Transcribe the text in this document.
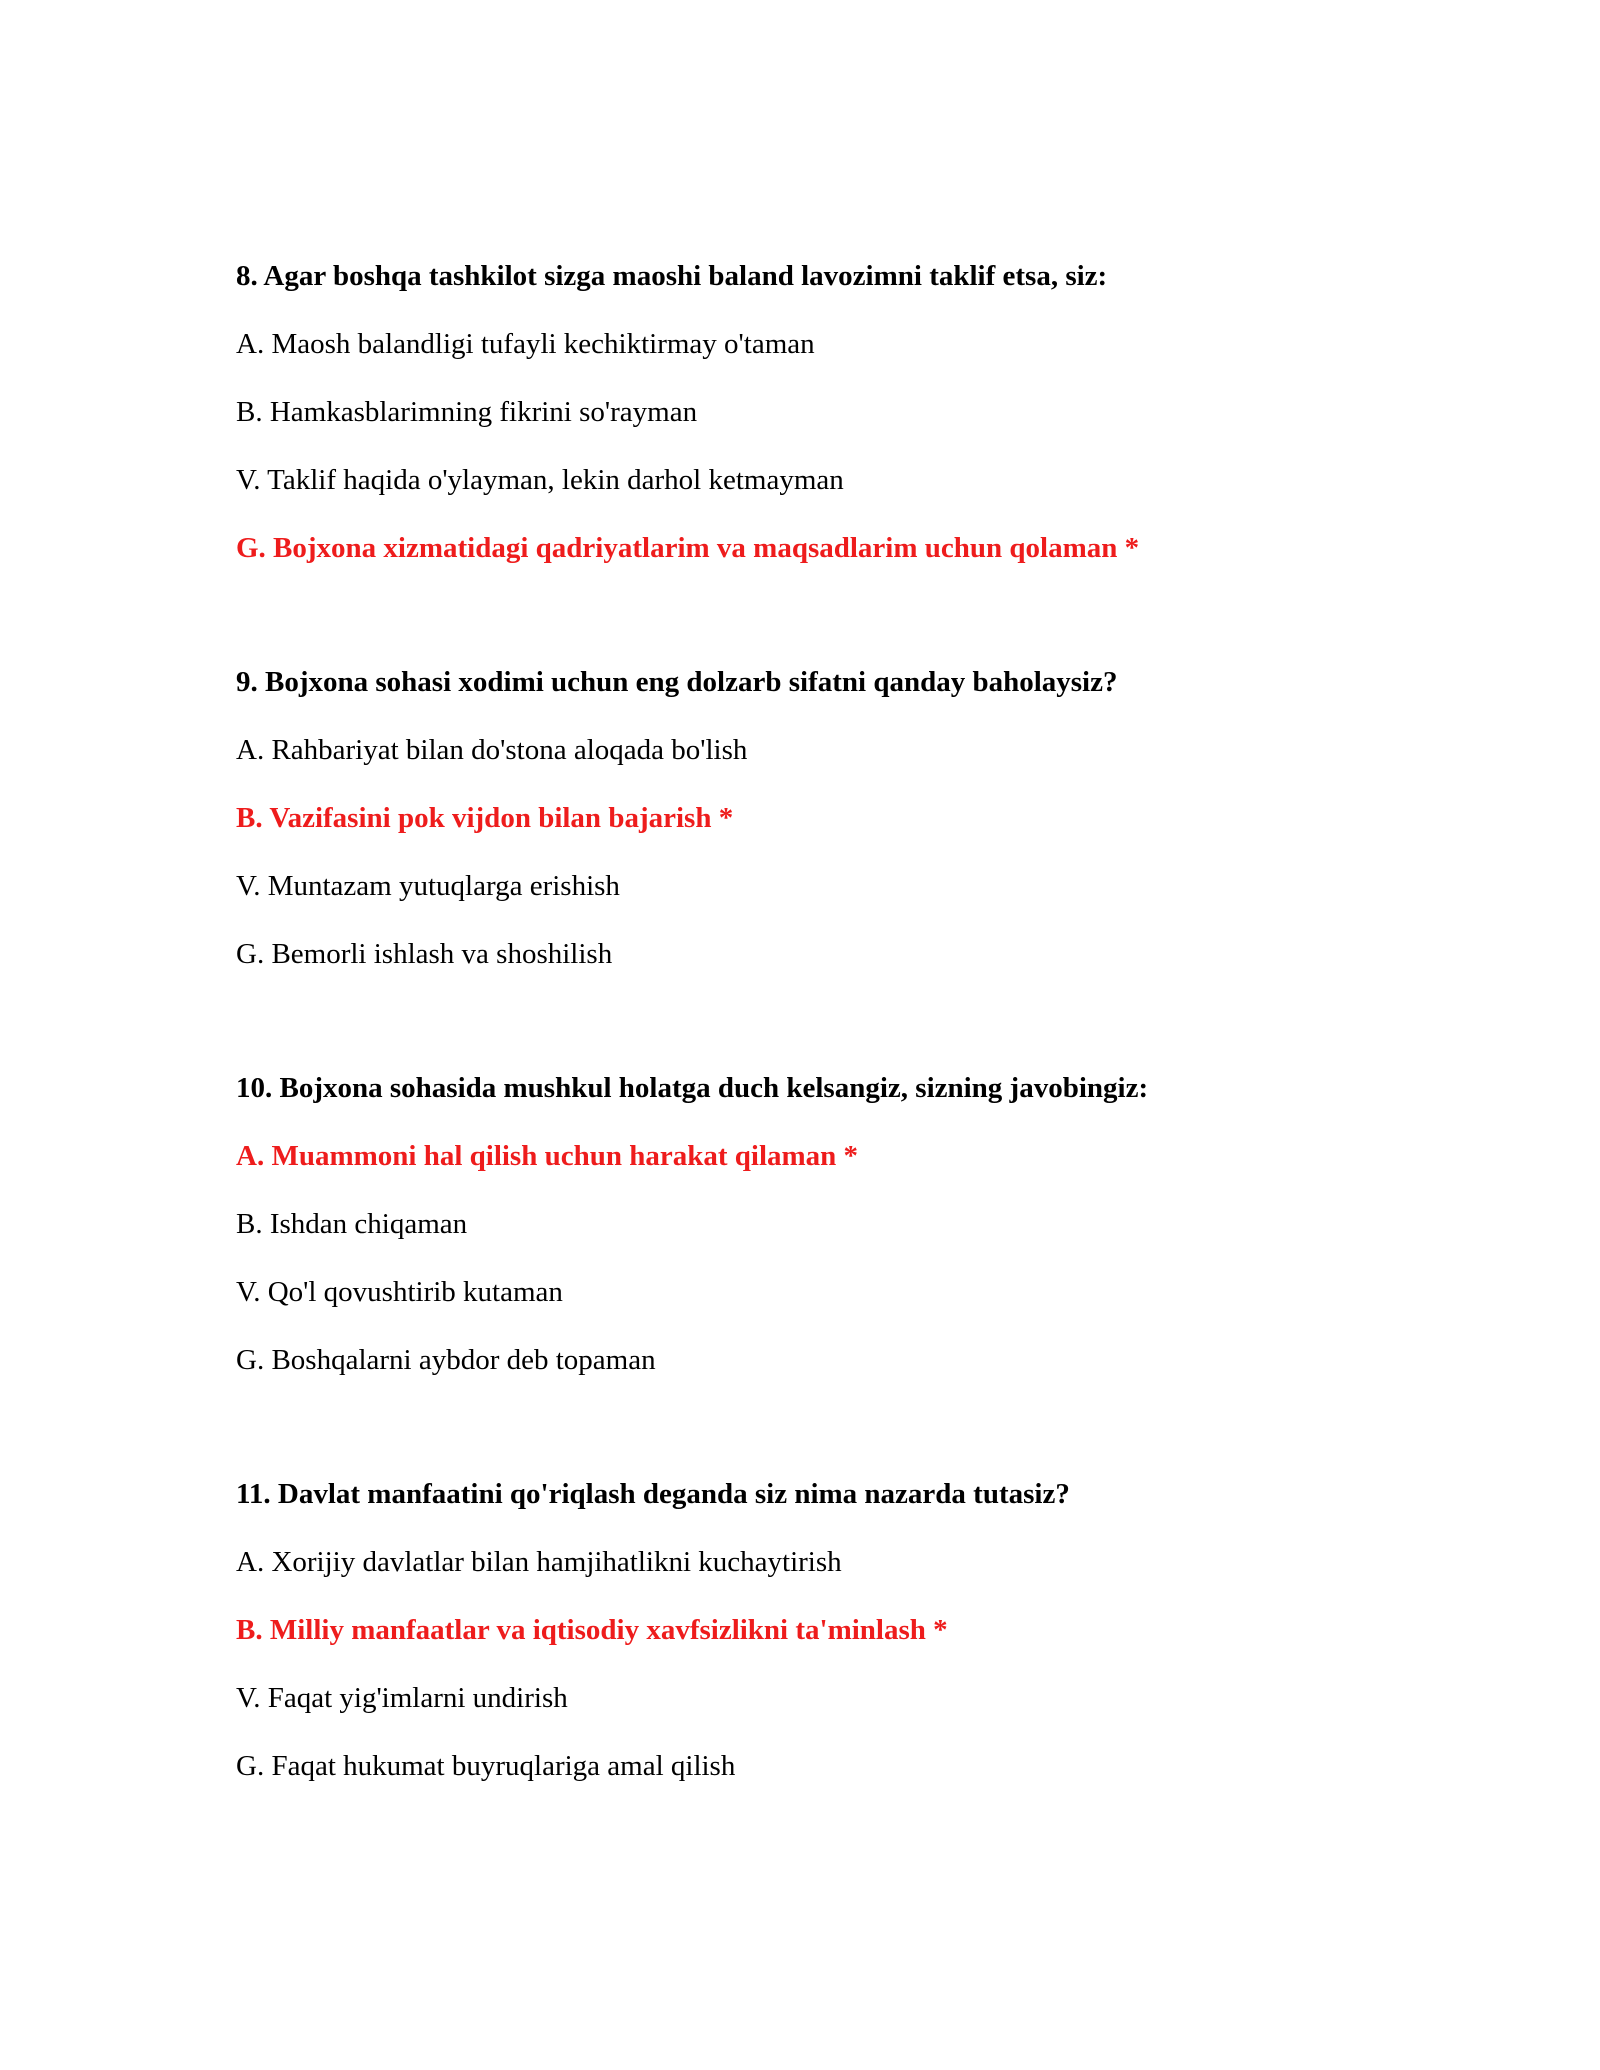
8. Agar boshqa tashkilot sizga maoshi baland lavozimni taklif etsa, siz:

A. Maosh balandligi tufayli kechiktirmay o'taman

B. Hamkasblarimning fikrini so'rayman

V. Taklif haqida o'ylayman, lekin darhol ketmayman

G. Bojxona xizmatidagi qadriyatlarim va maqsadlarim uchun qolaman *

9. Bojxona sohasi xodimi uchun eng dolzarb sifatni qanday baholaysiz?

A. Rahbariyat bilan do'stona aloqada bo'lish

B. Vazifasini pok vijdon bilan bajarish *

V. Muntazam yutuqlarga erishish

G. Bemorli ishlash va shoshilish

10. Bojxona sohasida mushkul holatga duch kelsangiz, sizning javobingiz:

A. Muammoni hal qilish uchun harakat qilaman *

B. Ishdan chiqaman

V. Qo'l qovushtirib kutaman

G. Boshqalarni aybdor deb topaman

11. Davlat manfaatini qo'riqlash deganda siz nima nazarda tutasiz?

A. Xorijiy davlatlar bilan hamjihatlikni kuchaytirish

B. Milliy manfaatlar va iqtisodiy xavfsizlikni ta'minlash *

V. Faqat yig'imlarni undirish

G. Faqat hukumat buyruqlariga amal qilish
